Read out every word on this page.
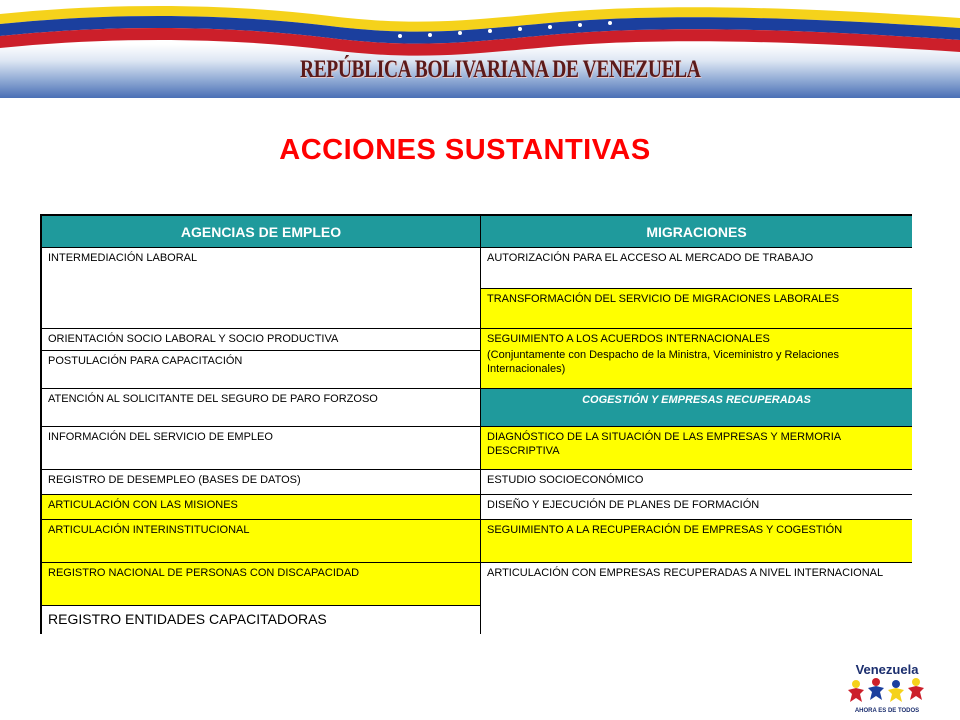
REPÚBLICA BOLIVARIANA DE VENEZUELA
ACCIONES SUSTANTIVAS
AGENCIAS DE EMPLEO	MIGRACIONES
INTERMEDIACIÓN LABORAL
ORIENTACIÓN SOCIO LABORAL Y SOCIO PRODUCTIVA
POSTULACIÓN PARA CAPACITACIÓN
ATENCIÓN AL SOLICITANTE DEL SEGURO DE PARO FORZOSO
INFORMACIÓN DEL SERVICIO DE EMPLEO
REGISTRO DE DESEMPLEO (BASES DE DATOS)
ARTICULACIÓN CON LAS MISIONES
ARTICULACIÓN INTERINSTITUCIONAL
REGISTRO NACIONAL DE PERSONAS CON DISCAPACIDAD
REGISTRO ENTIDADES CAPACITADORAS
AUTORIZACIÓN PARA EL ACCESO AL MERCADO DE TRABAJO
TRANSFORMACIÓN DEL SERVICIO DE MIGRACIONES LABORALES
SEGUIMIENTO A LOS ACUERDOS INTERNACIONALES
(Conjuntamente con Despacho de la Ministra, Viceministro y Relaciones Internacionales)
COGESTIÓN Y EMPRESAS RECUPERADAS
DIAGNÓSTICO DE LA SITUACIÓN DE LAS EMPRESAS Y MERMORIA DESCRIPTIVA
ESTUDIO SOCIOECONÓMICO
DISEÑO Y EJECUCIÓN DE PLANES DE FORMACIÓN
SEGUIMIENTO A LA RECUPERACIÓN DE EMPRESAS Y COGESTIÓN
ARTICULACIÓN CON EMPRESAS RECUPERADAS A NIVEL INTERNACIONAL
Venezuela
AHORA ES DE TODOS
